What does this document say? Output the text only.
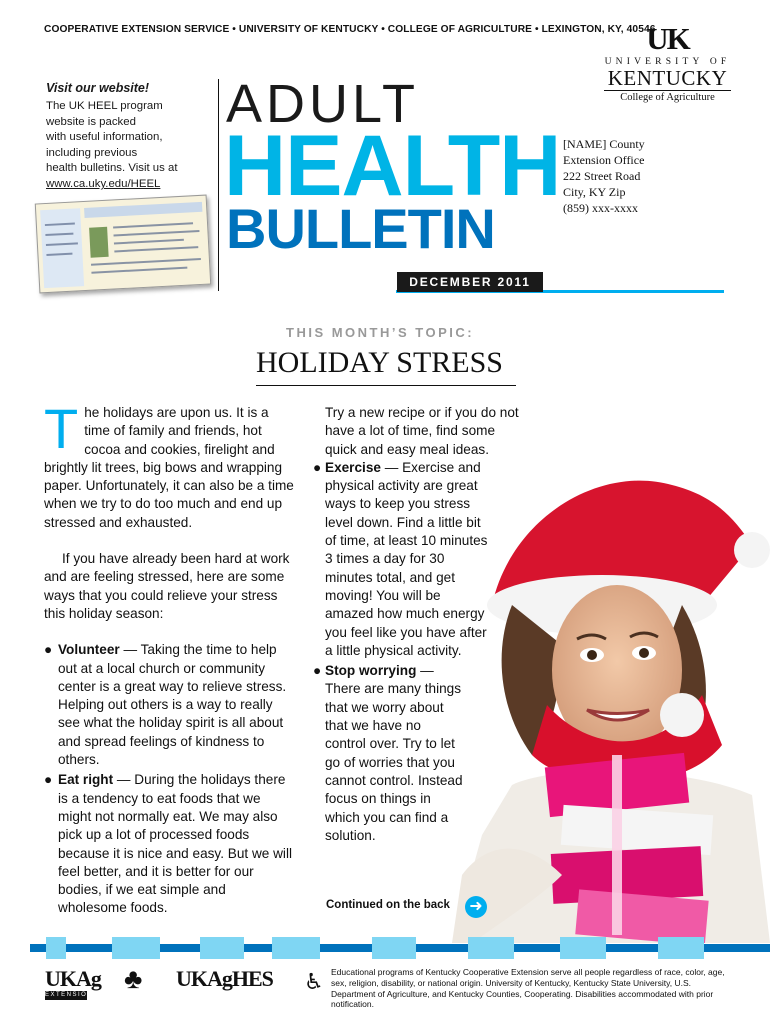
COOPERATIVE EXTENSION SERVICE • UNIVERSITY OF KENTUCKY • COLLEGE OF AGRICULTURE • LEXINGTON, KY, 40546
UK
UNIVERSITY OF
KENTUCKY
College of Agriculture
Visit our website!

The UK HEEL program
website is packed
with useful information,
including previous
health bulletins. Visit us at
www.ca.uky.edu/HEEL

ADULT
HEALTH
BULLETIN
[NAME] County
Extension Office
222 Street Road
City, KY Zip
(859) xxx-xxxx
DECEMBER 2011
THIS MONTH’S TOPIC:
HOLIDAY STRESS

The holidays are upon us. It is a time of family and friends, hot cocoa and cookies, firelight and brightly lit trees, big bows and wrapping paper. Unfortunately, it can also be a time when we try to do too much and end up stressed and exhausted.

If you have already been hard at work and are feeling stressed, here are some ways that you could relieve your stress this holiday season:

● Volunteer — Taking the time to help out at a local church or community center is a great way to relieve stress. Helping out others is a way to really see what the holiday spirit is all about and spread feelings of kindness to others.
● Eat right — During the holidays there is a tendency to eat foods that we might not normally eat. We may also pick up a lot of processed foods because it is nice and easy. But we will feel better, and it is better for our bodies, if we eat simple and wholesome foods.

Try a new recipe or if you do not have a lot of time, find some quick and easy meal ideas.

● Exercise — Exercise and physical activity are great ways to keep you stress level down. Find a little bit of time, at least 10 minutes 3 times a day for 30 minutes total, and get moving! You will be amazed how much energy you feel like you have after a little physical activity.
● Stop worrying — There are many things that we worry about that we have no control over. Try to let go of worries that you cannot control. Instead focus on things in which you can find a solution.
Continued on the back ➜
UKAg
EXTENSION
♣ UKAgHES ♿ Educational programs of Kentucky Cooperative Extension serve all people regardless of race, color, age, sex, religion, disability, or national origin. University of Kentucky, Kentucky State University, U.S. Department of Agriculture, and Kentucky Counties, Cooperating. Disabilities accommodated with prior notification.
